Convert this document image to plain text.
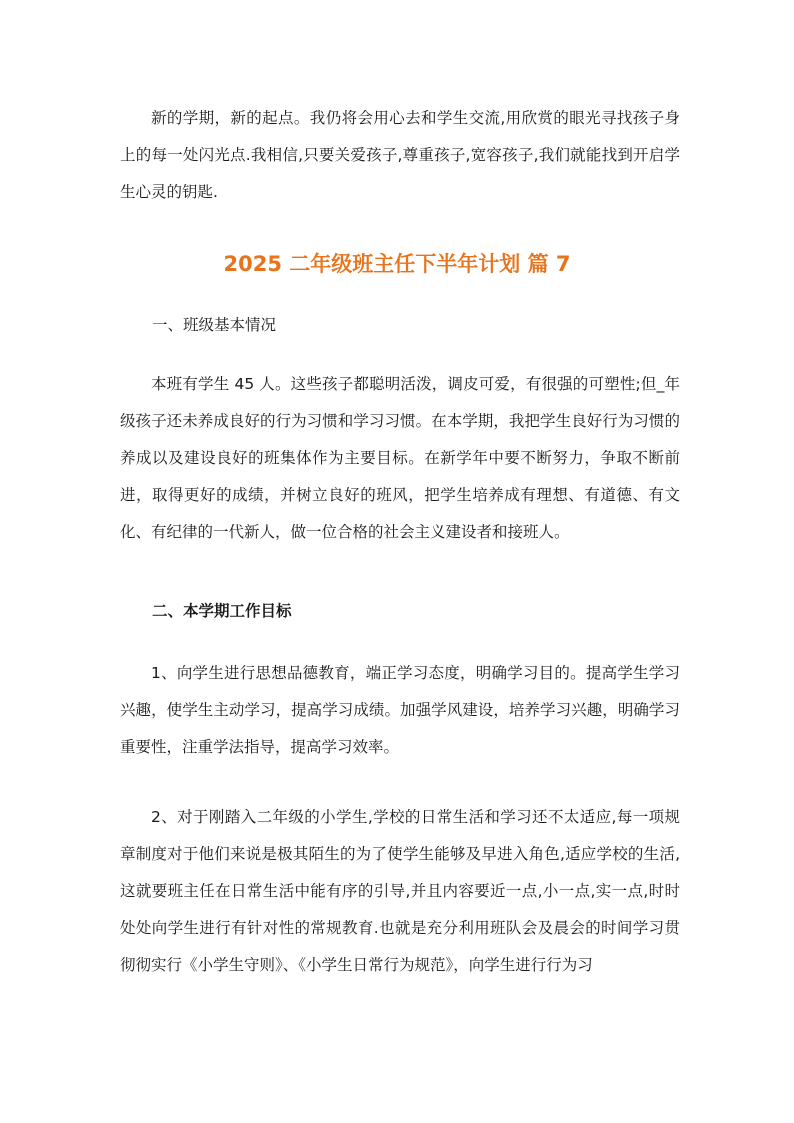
新的学期，新的起点。我仍将会用心去和学生交流,用欣赏的眼光寻找孩子身上的每一处闪光点.我相信,只要关爱孩子,尊重孩子,宽容孩子,我们就能找到开启学生心灵的钥匙.

2025 二年级班主任下半年计划 篇 7

一、班级基本情况

本班有学生 45 人。这些孩子都聪明活泼，调皮可爱，有很强的可塑性;但_年级孩子还未养成良好的行为习惯和学习习惯。在本学期，我把学生良好行为习惯的养成以及建设良好的班集体作为主要目标。在新学年中要不断努力，争取不断前进，取得更好的成绩，并树立良好的班风，把学生培养成有理想、有道德、有文化、有纪律的一代新人，做一位合格的社会主义建设者和接班人。

二、本学期工作目标

1、向学生进行思想品德教育，端正学习态度，明确学习目的。提高学生学习兴趣，使学生主动学习，提高学习成绩。加强学风建设，培养学习兴趣，明确学习重要性，注重学法指导，提高学习效率。

2、对于刚踏入二年级的小学生,学校的日常生活和学习还不太适应,每一项规章制度对于他们来说是极其陌生的为了使学生能够及早进入角色,适应学校的生活,这就要班主任在日常生活中能有序的引导,并且内容要近一点,小一点,实一点,时时处处向学生进行有针对性的常规教育.也就是充分利用班队会及晨会的时间学习贯彻彻实行《小学生守则》、《小学生日常行为规范》，向学生进行行为习
